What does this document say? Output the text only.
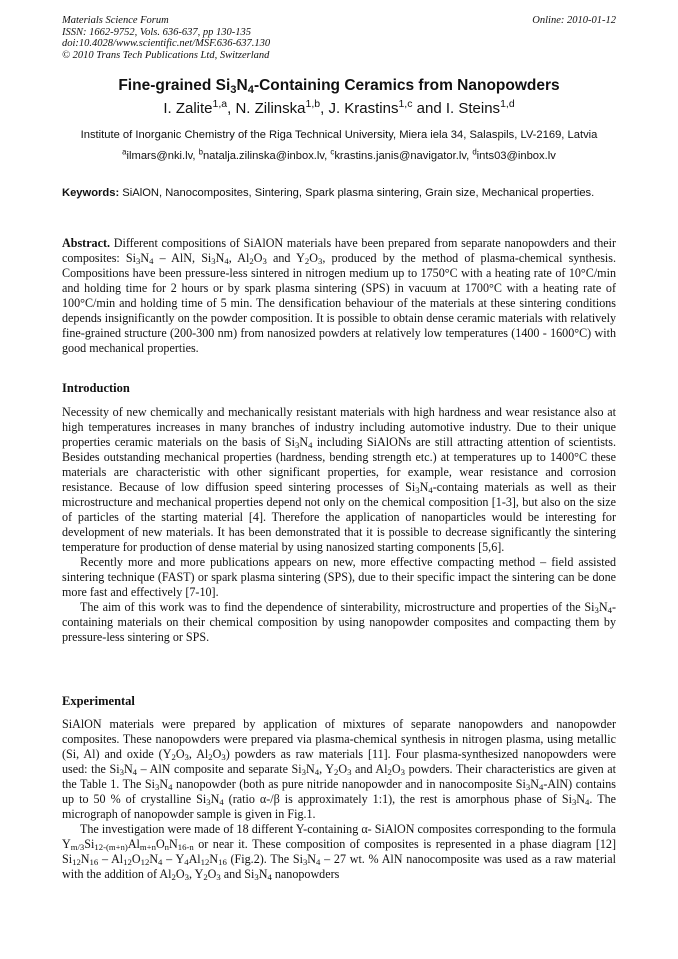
Materials Science Forum
ISSN: 1662-9752, Vols. 636-637, pp 130-135
doi:10.4028/www.scientific.net/MSF.636-637.130
© 2010 Trans Tech Publications Ltd, Switzerland
Online: 2010-01-12
Fine-grained $Si_3N_4$-Containing Ceramics from Nanopowders
I. Zalite$^{1,a}$, N. Zilinska$^{1,b}$, J. Krastins$^{1,c}$ and I. Steins$^{1,d}$
Institute of Inorganic Chemistry of the Riga Technical University, Miera iela 34, Salaspils, LV-2169, Latvia
$^a$ilmars@nki.lv, $^b$natalja.zilinska@inbox.lv, $^c$krastins.janis@navigator.lv, $^d$ints03@inbox.lv
Keywords: SiAlON, Nanocomposites, Sintering, Spark plasma sintering, Grain size, Mechanical properties.
Abstract. Different compositions of SiAlON materials have been prepared from separate nanopowders and their composites: $Si_3N_4$ – AlN, $Si_3N_4$, $Al_2O_3$ and $Y_2O_3$, produced by the method of plasma-chemical synthesis. Compositions have been pressure-less sintered in nitrogen medium up to 1750°C with a heating rate of 10°C/min and holding time for 2 hours or by spark plasma sintering (SPS) in vacuum at 1700°C with a heating rate of 100°C/min and holding time of 5 min. The densification behaviour of the materials at these sintering conditions depends insignificantly on the powder composition. It is possible to obtain dense ceramic materials with relatively fine-grained structure (200-300 nm) from nanosized powders at relatively low temperatures (1400 - 1600°C) with good mechanical properties.
Introduction

Necessity of new chemically and mechanically resistant materials with high hardness and wear resistance also at high temperatures increases in many branches of industry including automotive industry. Due to their unique properties ceramic materials on the basis of $Si_3N_4$ including SiAlONs are still attracting attention of scientists. Besides outstanding mechanical properties (hardness, bending strength etc.) at temperatures up to 1400°C these materials are characteristic with other significant properties, for example, wear resistance and corrosion resistance. Because of low diffusion speed sintering processes of $Si_3N_4$-containg materials as well as their microstructure and mechanical properties depend not only on the chemical composition [1-3], but also on the size of particles of the starting material [4]. Therefore the application of nanoparticles would be interesting for development of new materials. It has been demonstrated that it is possible to decrease significantly the sintering temperature for production of dense material by using nanosized starting components [5,6].

Recently more and more publications appears on new, more effective compacting method – field assisted sintering technique (FAST) or spark plasma sintering (SPS), due to their specific impact the sintering can be done more fast and effectively [7-10].

The aim of this work was to find the dependence of sinterability, microstructure and properties of the $Si_3N_4$-containing materials on their chemical composition by using nanopowder composites and compacting them by pressure-less sintering or SPS.

Experimental

SiAlON materials were prepared by application of mixtures of separate nanopowders and nanopowder composites. These nanopowders were prepared via plasma-chemical synthesis in nitrogen plasma, using metallic (Si, Al) and oxide ($Y_2O_3$, $Al_2O_3$) powders as raw materials [11]. Four plasma-synthesized nanopowders were used: the $Si_3N_4$ – AlN composite and separate $Si_3N_4$, $Y_2O_3$ and $Al_2O_3$ powders. Their characteristics are given at the Table 1. The $Si_3N_4$ nanopowder (both as pure nitride nanopowder and in nanocomposite $Si_3N_4-AlN$) contains up to 50 % of crystalline $Si_3N_4$ (ratio α-/β is approximately 1:1), the rest is amorphous phase of $Si_3N_4$. The micrograph of nanopowder sample is given in Fig.1.

The investigation were made of 18 different Y-containing α- SiAlON composites corresponding to the formula $Y_{m/3}Si_{12-(m+n)}Al_{m+n}O_nN_{16-n}$ or near it. These composition of composites is represented in a phase diagram [12] $Si_{12}N_{16} - Al_{12}O_{12}N_4 - Y_4Al_{12}N_{16}$ (Fig.2). The $Si_3N_4 - 27$ wt. % AlN nanocomposite was used as a raw material with the addition of $Al_2O_3$, $Y_2O_3$ and $Si_3N_4$ nanopowders
